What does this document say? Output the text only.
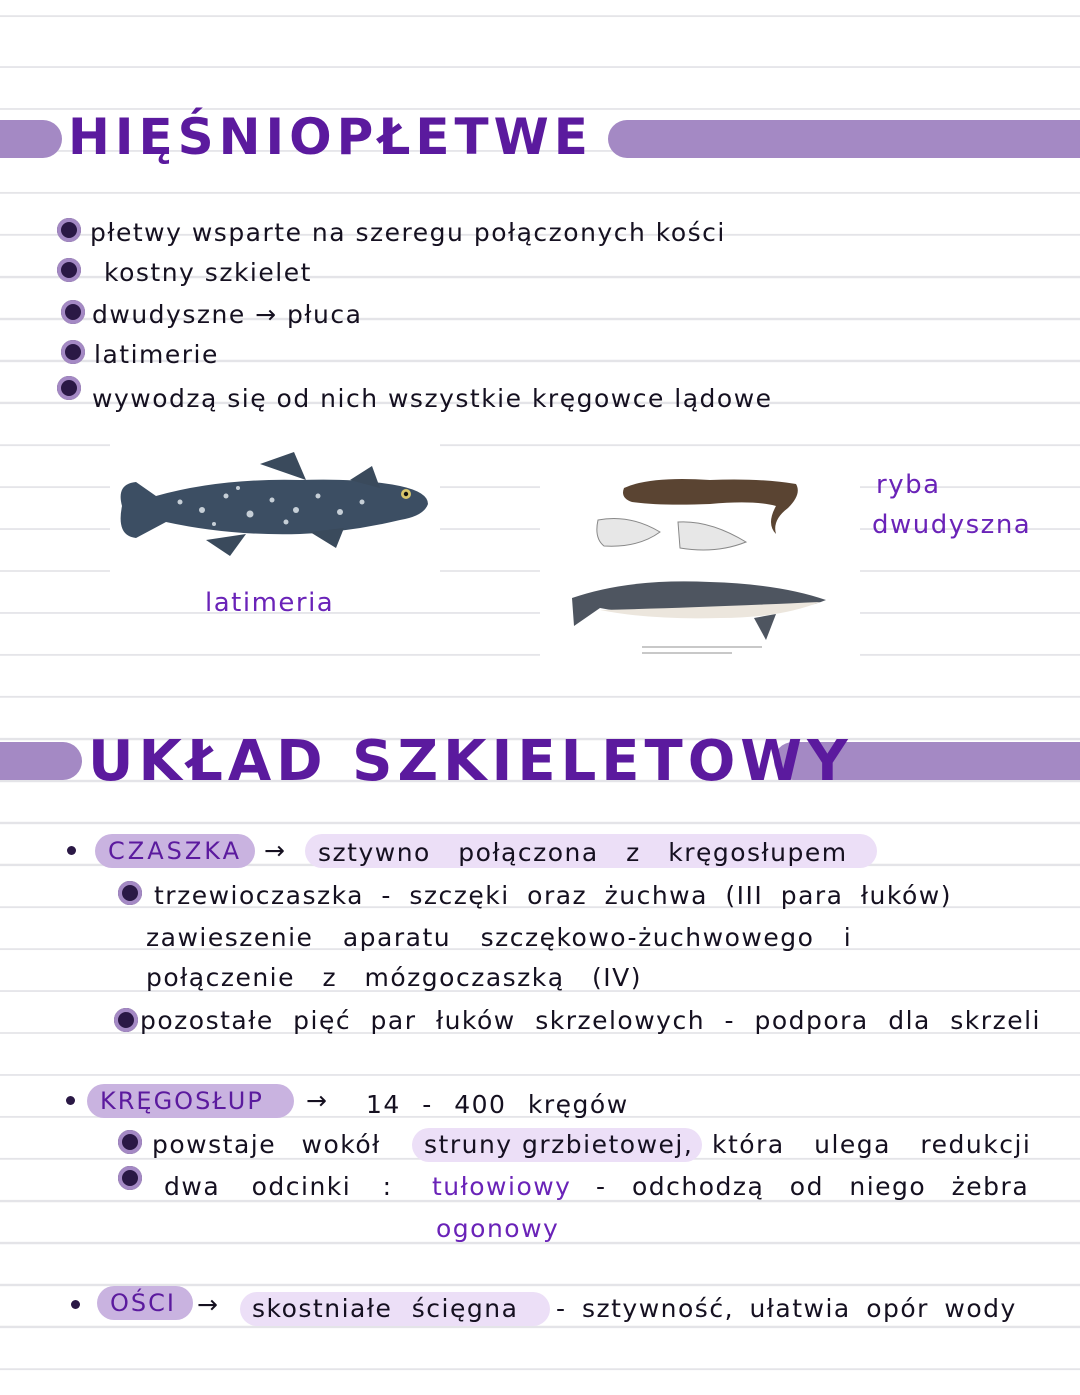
HIĘŚNIOPŁETWE
płetwy wsparte na szeregu połączonych kości
kostny szkielet
dwudyszne → płuca
latimerie
wywodzą się od nich wszystkie kręgowce lądowe
latimeria
ryba
dwudyszna
UKŁAD SZKIELETOWY
CZASZKA → sztywno połączona z kręgosłupem
trzewioczaszka - szczęki oraz żuchwa (III para łuków)
zawieszenie aparatu szczękowo-żuchwowego i
połączenie z mózgoczaszką (IV)
pozostałe pięć par łuków skrzelowych - podpora dla skrzeli
KRĘGOSŁUP → 14 - 400 kręgów
powstaje wokół struny grzbietowej, która ulega redukcji
dwa odcinki : tułowiowy - odchodzą od niego żebra
ogonowy
OŚCI → skostniałe ścięgna - sztywność, ułatwia opór wody
